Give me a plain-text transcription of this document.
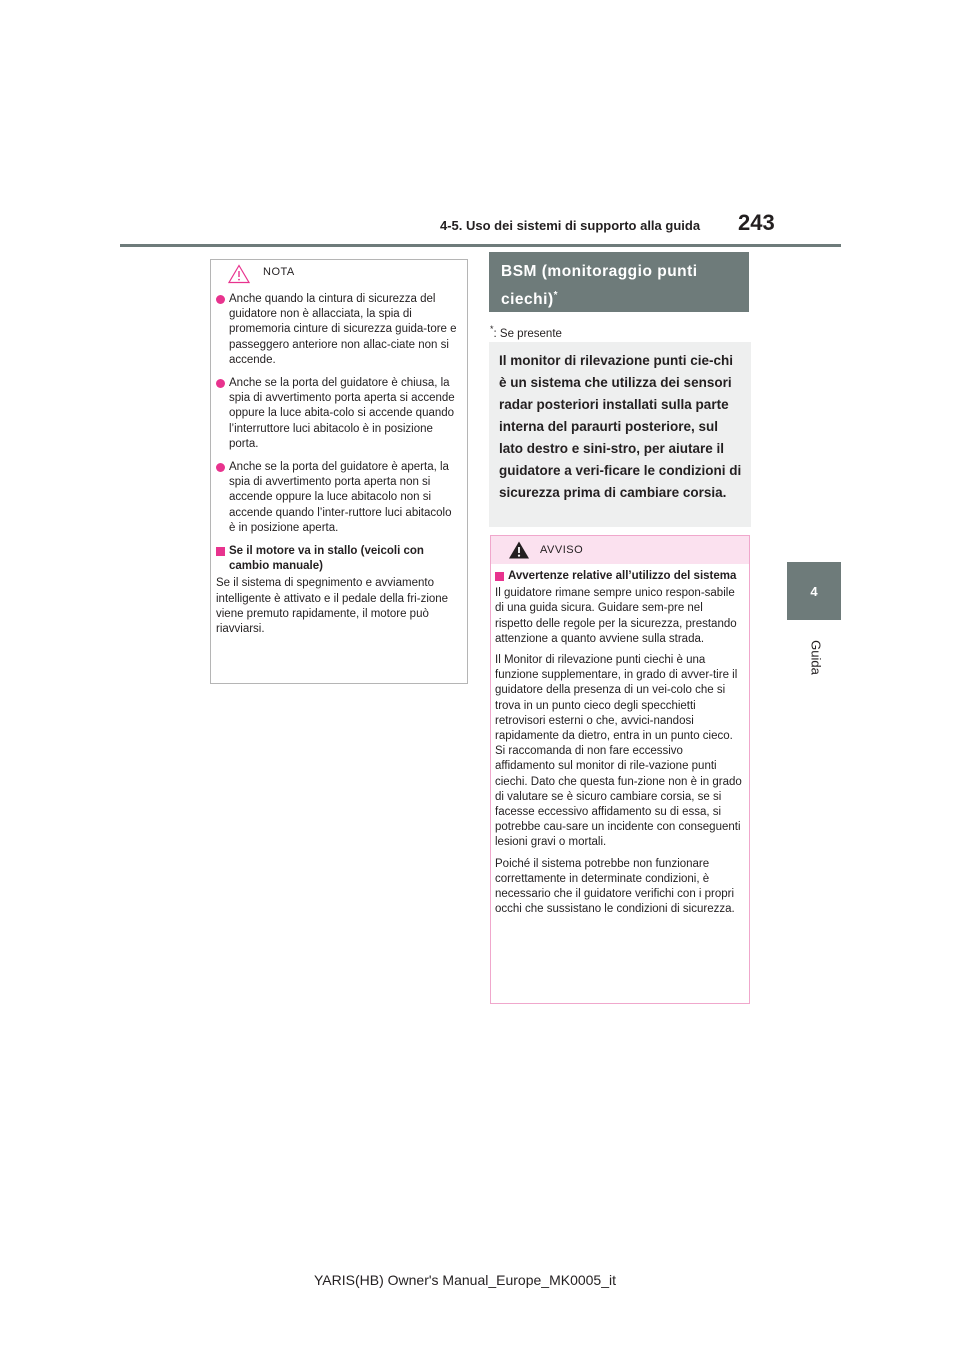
4-5. Uso dei sistemi di supporto alla guida 243
4
Guida
NOTA
Anche quando la cintura di sicurezza del guidatore non è allacciata, la spia di promemoria cinture di sicurezza guida-tore e passeggero anteriore non allac-ciate non si accende.
Anche se la porta del guidatore è chiusa, la spia di avvertimento porta aperta si accende oppure la luce abita-colo si accende quando l’interruttore luci abitacolo è in posizione porta.
Anche se la porta del guidatore è aperta, la spia di avvertimento porta aperta non si accende oppure la luce abitacolo non si accende quando l’inter-ruttore luci abitacolo è in posizione aperta.
Se il motore va in stallo (veicoli con cambio manuale)
Se il sistema di spegnimento e avviamento intelligente è attivato e il pedale della fri-zione viene premuto rapidamente, il motore può riavviarsi.
BSM (monitoraggio punti ciechi)*
*: Se presente
Il monitor di rilevazione punti cie-chi è un sistema che utilizza dei sensori radar posteriori installati sulla parte interna del paraurti posteriore, sul lato destro e sini-stro, per aiutare il guidatore a veri-ficare le condizioni di sicurezza prima di cambiare corsia.
AVVISO
Avvertenze relative all’utilizzo del sistema
Il guidatore rimane sempre unico respon-sabile di una guida sicura. Guidare sem-pre nel rispetto delle regole per la sicurezza, prestando attenzione a quanto avviene sulla strada.
Il Monitor di rilevazione punti ciechi è una funzione supplementare, in grado di avver-tire il guidatore della presenza di un vei-colo che si trova in un punto cieco degli specchietti retrovisori esterni o che, avvici-nandosi rapidamente da dietro, entra in un punto cieco. Si raccomanda di non fare eccessivo affidamento sul monitor di rile-vazione punti ciechi. Dato che questa fun-zione non è in grado di valutare se è sicuro cambiare corsia, se si facesse eccessivo affidamento su di essa, si potrebbe cau-sare un incidente con conseguenti lesioni gravi o mortali.
Poiché il sistema potrebbe non funzionare correttamente in determinate condizioni, è necessario che il guidatore verifichi con i propri occhi che sussistano le condizioni di sicurezza.
YARIS(HB) Owner's Manual_Europe_MK0005_it
